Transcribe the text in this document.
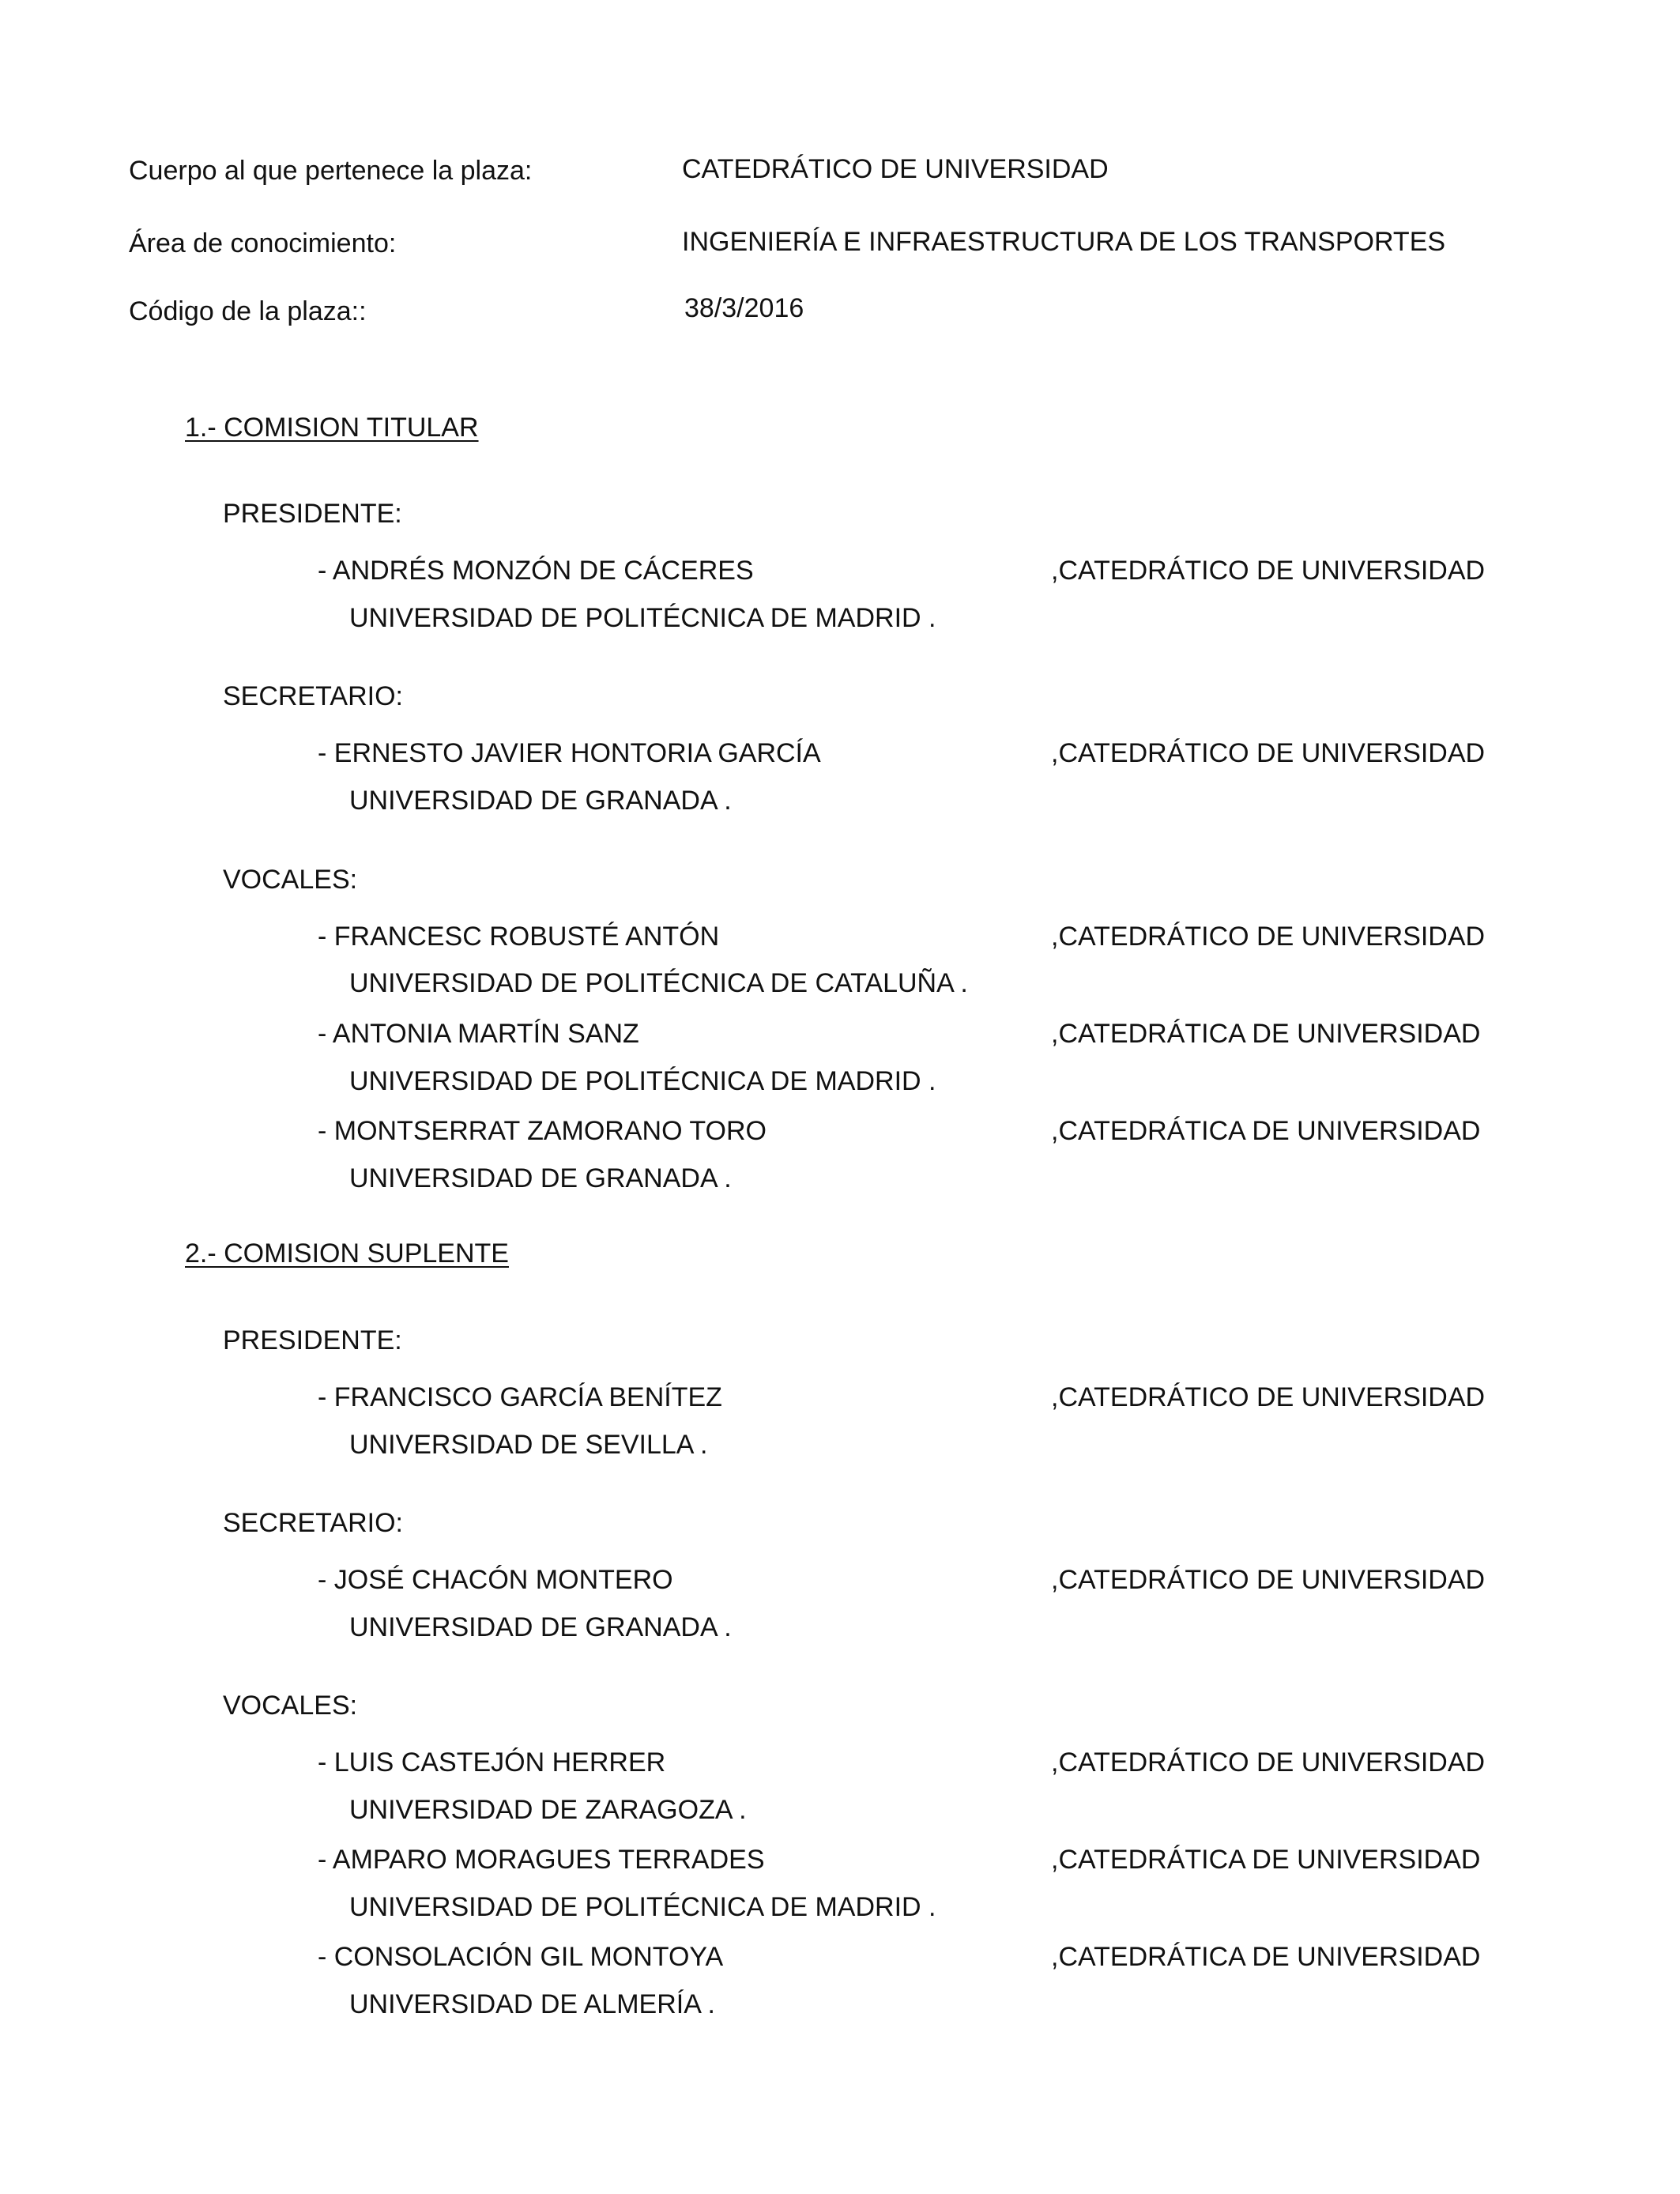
Cuerpo al que pertenece la plaza:	CATEDRÁTICO DE UNIVERSIDAD
Área de conocimiento:	INGENIERÍA E INFRAESTRUCTURA DE LOS TRANSPORTES
Código de la plaza::	38/3/2016
1.- COMISION TITULAR
PRESIDENTE:
- ANDRÉS MONZÓN DE CÁCERES	,CATEDRÁTICO DE UNIVERSIDAD
UNIVERSIDAD DE POLITÉCNICA DE MADRID .
SECRETARIO:
- ERNESTO JAVIER HONTORIA GARCÍA	,CATEDRÁTICO DE UNIVERSIDAD
UNIVERSIDAD DE GRANADA .
VOCALES:
- FRANCESC ROBUSTÉ ANTÓN	,CATEDRÁTICO DE UNIVERSIDAD
UNIVERSIDAD DE POLITÉCNICA DE CATALUÑA .
- ANTONIA MARTÍN SANZ	,CATEDRÁTICA DE UNIVERSIDAD
UNIVERSIDAD DE POLITÉCNICA DE MADRID .
- MONTSERRAT ZAMORANO TORO	,CATEDRÁTICA DE UNIVERSIDAD
UNIVERSIDAD DE GRANADA .
2.- COMISION SUPLENTE
PRESIDENTE:
- FRANCISCO GARCÍA BENÍTEZ	,CATEDRÁTICO DE UNIVERSIDAD
UNIVERSIDAD DE SEVILLA .
SECRETARIO:
- JOSÉ CHACÓN MONTERO	,CATEDRÁTICO DE UNIVERSIDAD
UNIVERSIDAD DE GRANADA .
VOCALES:
- LUIS CASTEJÓN HERRER	,CATEDRÁTICO DE UNIVERSIDAD
UNIVERSIDAD DE ZARAGOZA .
- AMPARO MORAGUES TERRADES	,CATEDRÁTICA DE UNIVERSIDAD
UNIVERSIDAD DE POLITÉCNICA DE MADRID .
- CONSOLACIÓN GIL MONTOYA	,CATEDRÁTICA DE UNIVERSIDAD
UNIVERSIDAD DE ALMERÍA .
